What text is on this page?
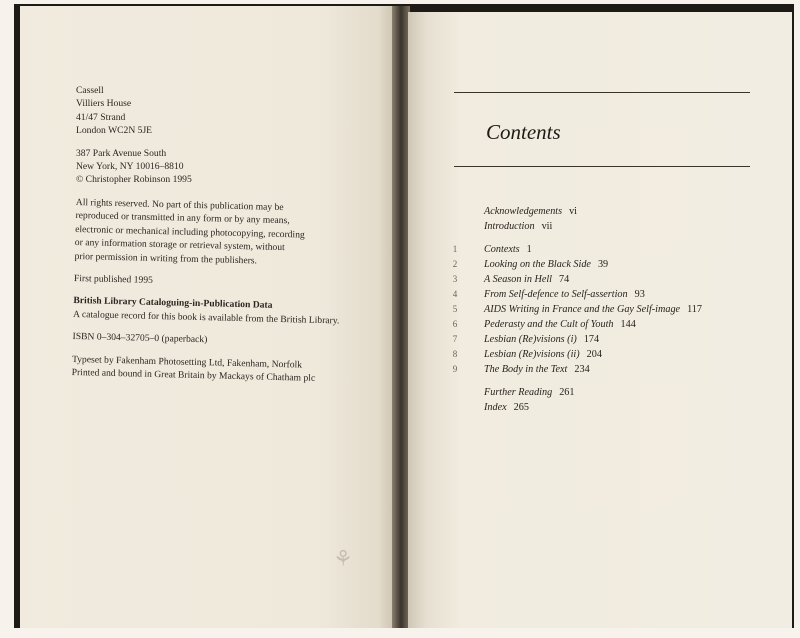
Cassell

Villiers House

41/47 Strand

London WC2N 5JE

387 Park Avenue South

New York, NY 10016–8810

© Christopher Robinson 1995

All rights reserved. No part of this publication may be

reproduced or transmitted in any form or by any means,

electronic or mechanical including photocopying, recording

or any information storage or retrieval system, without

prior permission in writing from the publishers.

First published 1995

British Library Cataloguing-in-Publication Data

A catalogue record for this book is available from the British Library.

ISBN 0–304–32705–0 (paperback)

Typeset by Fakenham Photosetting Ltd, Fakenham, Norfolk

Printed and bound in Great Britain by Mackays of Chatham plc

⚘
Contents
Acknowledgements vi
Introduction vii
1	Contexts 1
2	Looking on the Black Side 39
3	A Season in Hell 74
4	From Self-defence to Self-assertion 93
5	AIDS Writing in France and the Gay Self-image 117
6	Pederasty and the Cult of Youth 144
7	Lesbian (Re)visions (i) 174
8	Lesbian (Re)visions (ii) 204
9	The Body in the Text 234
Further Reading 261
Index 265
